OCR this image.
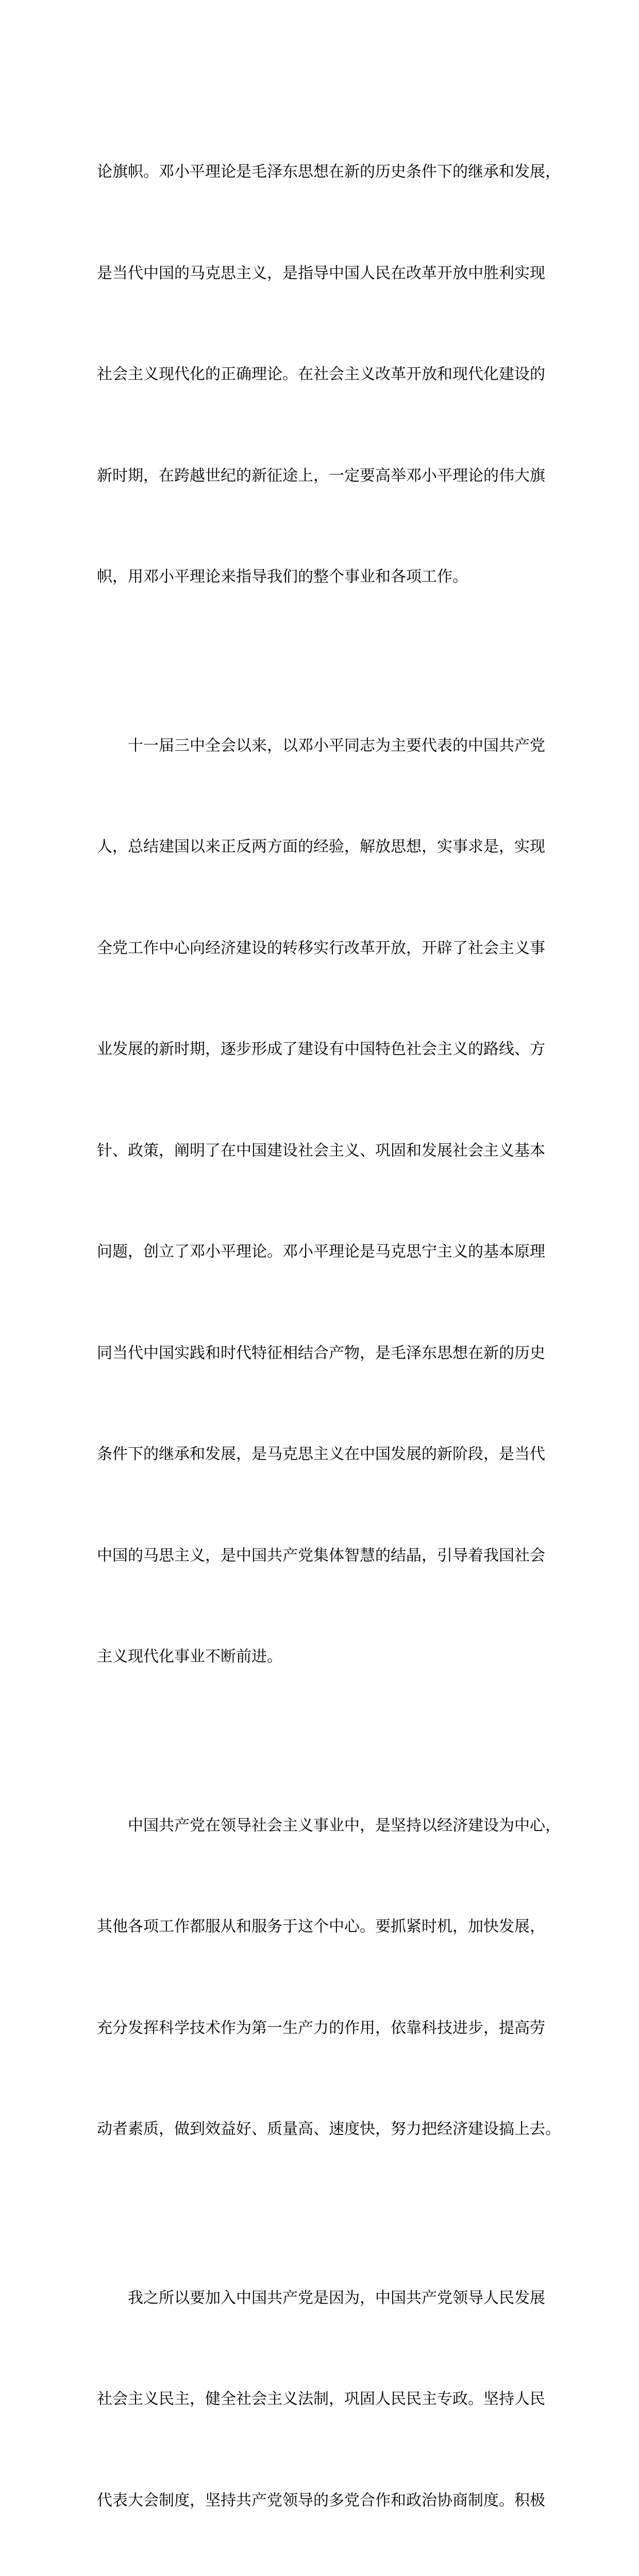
论旗帜。邓小平理论是毛泽东思想在新的历史条件下的继承和发展，

是当代中国的马克思主义，是指导中国人民在改革开放中胜利实现

社会主义现代化的正确理论。在社会主义改革开放和现代化建设的

新时期，在跨越世纪的新征途上，一定要高举邓小平理论的伟大旗

帜，用邓小平理论来指导我们的整个事业和各项工作。

　　十一届三中全会以来，以邓小平同志为主要代表的中国共产党

人，总结建国以来正反两方面的经验，解放思想，实事求是，实现

全党工作中心向经济建设的转移实行改革开放，开辟了社会主义事

业发展的新时期，逐步形成了建设有中国特色社会主义的路线、方

针、政策，阐明了在中国建设社会主义、巩固和发展社会主义基本

问题，创立了邓小平理论。邓小平理论是马克思宁主义的基本原理

同当代中国实践和时代特征相结合产物，是毛泽东思想在新的历史

条件下的继承和发展，是马克思主义在中国发展的新阶段，是当代

中国的马思主义，是中国共产党集体智慧的结晶，引导着我国社会

主义现代化事业不断前进。

　　中国共产党在领导社会主义事业中，是坚持以经济建设为中心，

其他各项工作都服从和服务于这个中心。要抓紧时机，加快发展，

充分发挥科学技术作为第一生产力的作用，依靠科技进步，提高劳

动者素质，做到效益好、质量高、速度快，努力把经济建设搞上去。

　　我之所以要加入中国共产党是因为，中国共产党领导人民发展

社会主义民主，健全社会主义法制，巩固人民民主专政。坚持人民

代表大会制度，坚持共产党领导的多党合作和政治协商制度。积极
